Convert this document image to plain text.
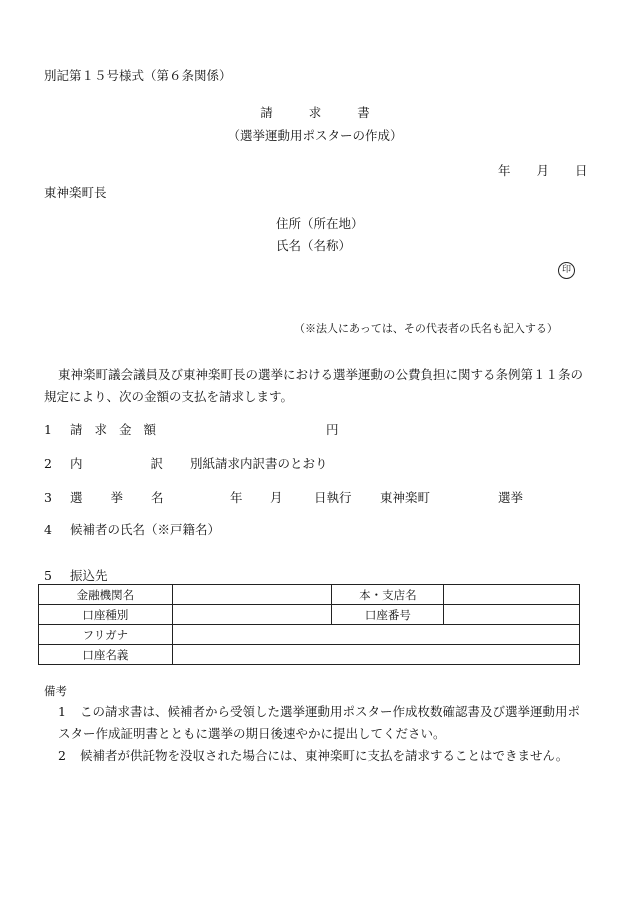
別記第１５号様式（第６条関係）
請	求	書
（選挙運動用ポスターの作成）
年 月 日
東神楽町長
住所（所在地）
氏名（名称）
印
（※法人にあっては、その代表者の氏名も記入する）
東神楽町議会議員及び東神楽町長の選挙における選挙運動の公費負担に関する条例第１１条の規定により、次の金額の支払を請求します。
1 請 求 金 額	円
2 内	訳 別紙請求内訳書のとおり
3 選 挙 名	年 月	日執行 東神楽町	選挙
4 候補者の氏名（※戸籍名）
5 振込先
金融機関名		本・支店名	
口座種別		口座番号	
フリガナ			
口座名義			
備考
1 この請求書は、候補者から受領した選挙運動用ポスター作成枚数確認書及び選挙運動用ポスター作成証明書とともに選挙の期日後速やかに提出してください。
2 候補者が供託物を没収された場合には、東神楽町に支払を請求することはできません。
